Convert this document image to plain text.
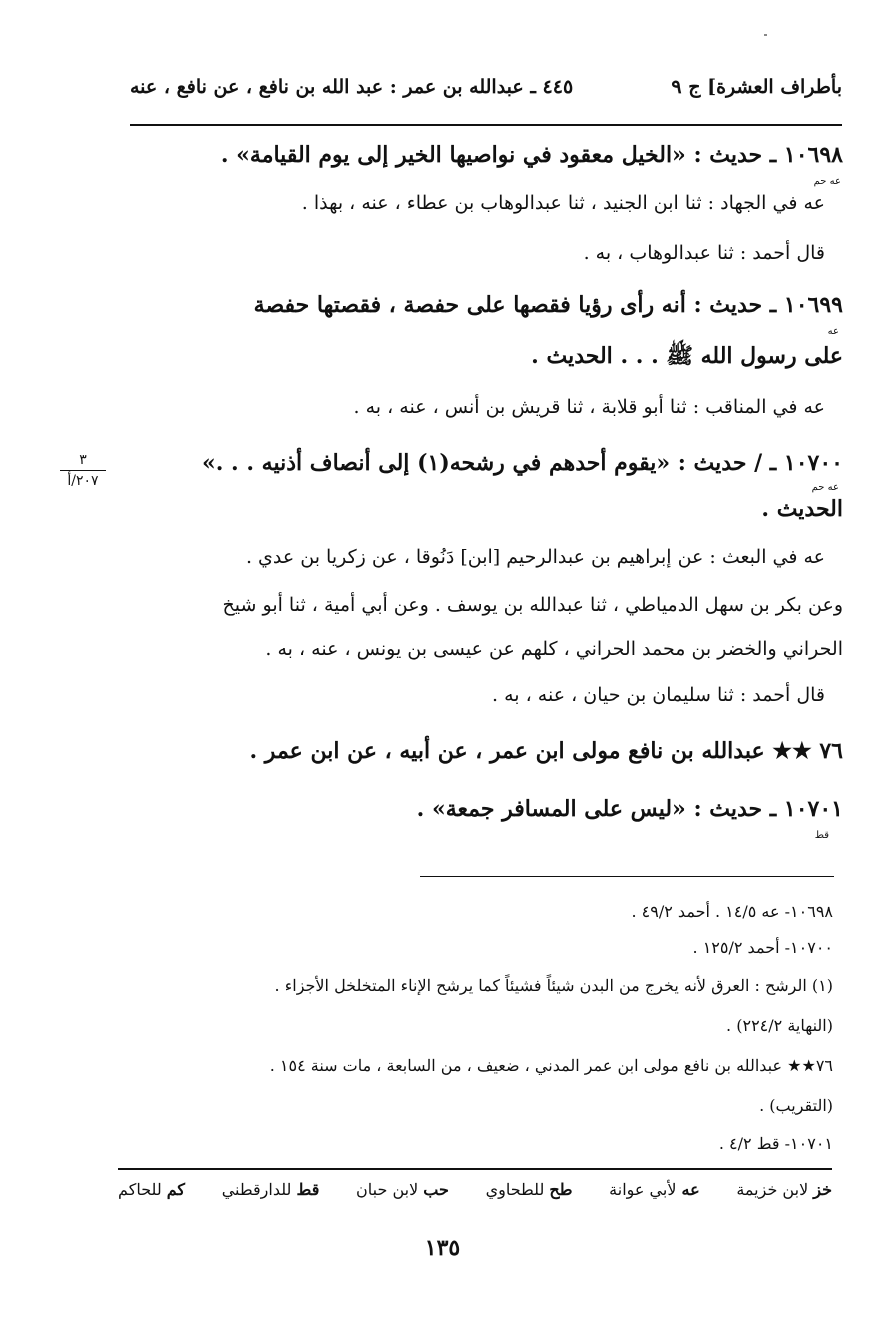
بأطراف العشرة] ج ٩
٤٤٥ ـ عبدالله بن عمر : عبد الله بن نافع ، عن نافع ، عنه
١٠٦٩٨ ـ حديث : «الخيل معقود في نواصيها الخير إلى يوم القيامة» .
عه حم
عه في الجهاد : ثنا ابن الجنيد ، ثنا عبدالوهاب بن عطاء ، عنه ، بهذا .
قال أحمد : ثنا عبدالوهاب ، به .
١٠٦٩٩ ـ حديث : أنه رأى رؤيا فقصها على حفصة ، فقصتها حفصة
عه
على رسول الله ﷺ . . . الحديث .
عه في المناقب : ثنا أبو قلابة ، ثنا قريش بن أنس ، عنه ، به .
١٠٧٠٠ ـ / حديث : «يقوم أحدهم في رشحه(١) إلى أنصاف أذنيه . . .»
٣
٢٠٧/أ	عه حم
الحديث .
عه في البعث : عن إبراهيم بن عبدالرحيم [ابن] دَنُوقا ، عن زكريا بن عدي .
وعن بكر بن سهل الدمياطي ، ثنا عبدالله بن يوسف . وعن أبي أمية ، ثنا أبو شيخ
الحراني والخضر بن محمد الحراني ، كلهم عن عيسى بن يونس ، عنه ، به .
قال أحمد : ثنا سليمان بن حيان ، عنه ، به .
٧٦ ★★ عبدالله بن نافع مولى ابن عمر ، عن أبيه ، عن ابن عمر .
١٠٧٠١ ـ حديث : «ليس على المسافر جمعة» .
قط
١٠٦٩٨- عه ١٤/٥ . أحمد ٤٩/٢ .
١٠٧٠٠- أحمد ١٢٥/٢ .
(١) الرشح : العرق لأنه يخرج من البدن شيئاً فشيئاً كما يرشح الإناء المتخلخل الأجزاء .
(النهاية ٢٢٤/٢) .
٧٦★★ عبدالله بن نافع مولى ابن عمر المدني ، ضعيف ، من السابعة ، مات سنة ١٥٤ .
(التقريب) .
١٠٧٠١- قط ٤/٢ .
خز لابن خزيمة
عه لأبي عوانة
طح للطحاوي
حب لابن حبان
قط للدارقطني
كم للحاكم
١٣٥
